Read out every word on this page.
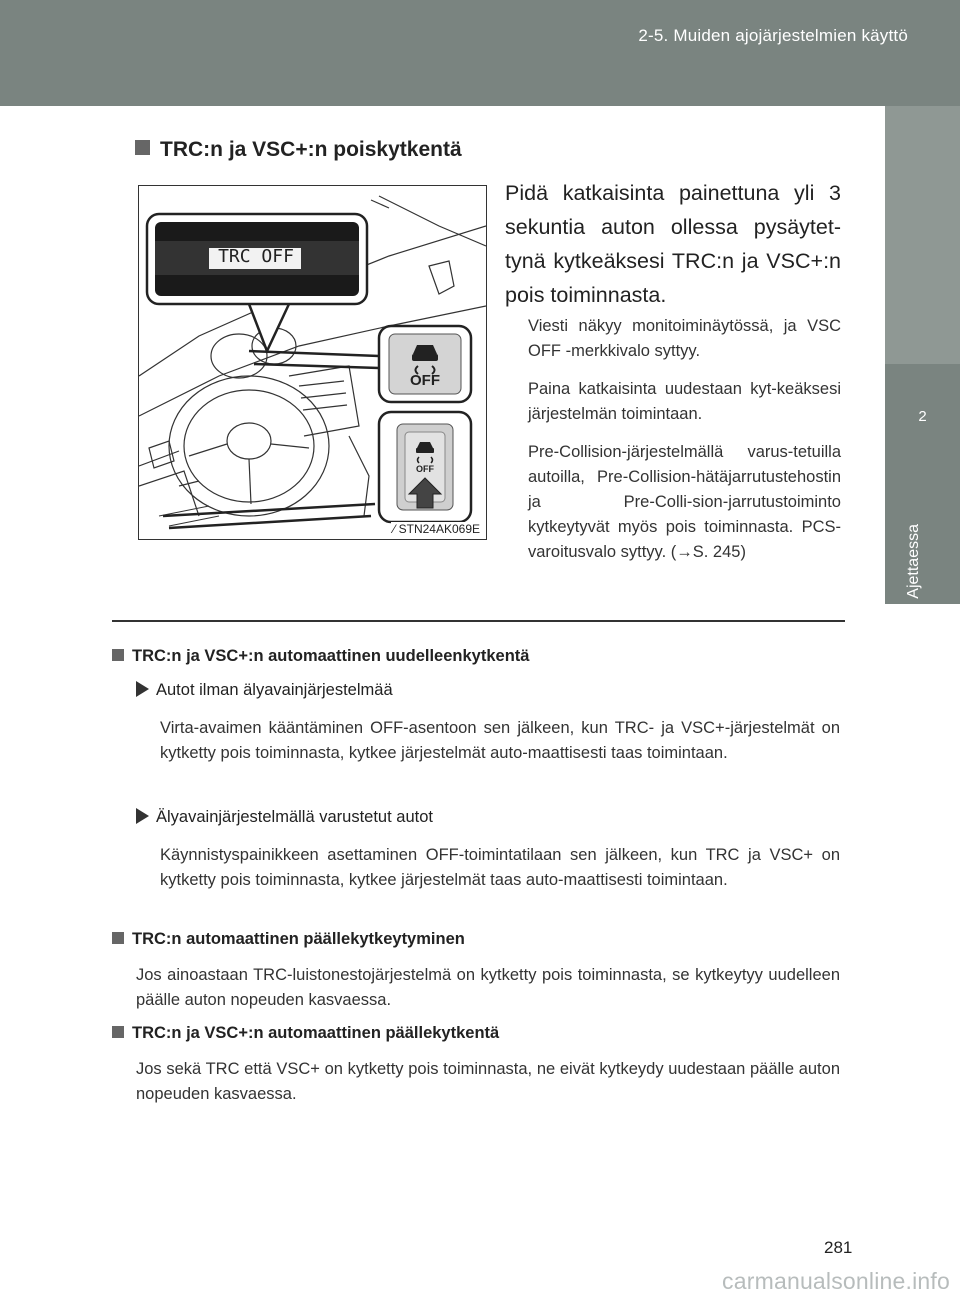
2-5. Muiden ajojärjestelmien käyttö
2
Ajettaessa
TRC:n ja VSC+:n poiskytkentä
TRC OFF
OFF
OFF
⁄ STN24AK069E
Pidä katkaisinta painettuna yli 3 sekuntia auton ollessa pysäytet-tynä kytkeäksesi TRC:n ja VSC+:n pois toiminnasta.
Viesti näkyy monitoiminäytössä, ja VSC OFF -merkkivalo syttyy.
Paina katkaisinta uudestaan kyt-keäksesi järjestelmän toimintaan.
Pre-Collision-järjestelmällä varus-tetuilla autoilla, Pre-Collision-hätäjarrutustehostin ja Pre-Colli-sion-jarrutustoiminto kytkeytyvät myös pois toiminnasta. PCS-varoitusvalo syttyy. (→S. 245)
TRC:n ja VSC+:n automaattinen uudelleenkytkentä
Autot ilman älyavainjärjestelmää
Virta-avaimen kääntäminen OFF-asentoon sen jälkeen, kun TRC- ja VSC+-järjestelmät on kytketty pois toiminnasta, kytkee järjestelmät auto-maattisesti taas toimintaan.
Älyavainjärjestelmällä varustetut autot
Käynnistyspainikkeen asettaminen OFF-toimintatilaan sen jälkeen, kun TRC ja VSC+ on kytketty pois toiminnasta, kytkee järjestelmät taas auto-maattisesti toimintaan.
TRC:n automaattinen päällekytkeytyminen
Jos ainoastaan TRC-luistonestojärjestelmä on kytketty pois toiminnasta, se kytkeytyy uudelleen päälle auton nopeuden kasvaessa.
TRC:n ja VSC+:n automaattinen päällekytkentä
Jos sekä TRC että VSC+ on kytketty pois toiminnasta, ne eivät kytkeydy uudestaan päälle auton nopeuden kasvaessa.
281
carmanualsonline.info
